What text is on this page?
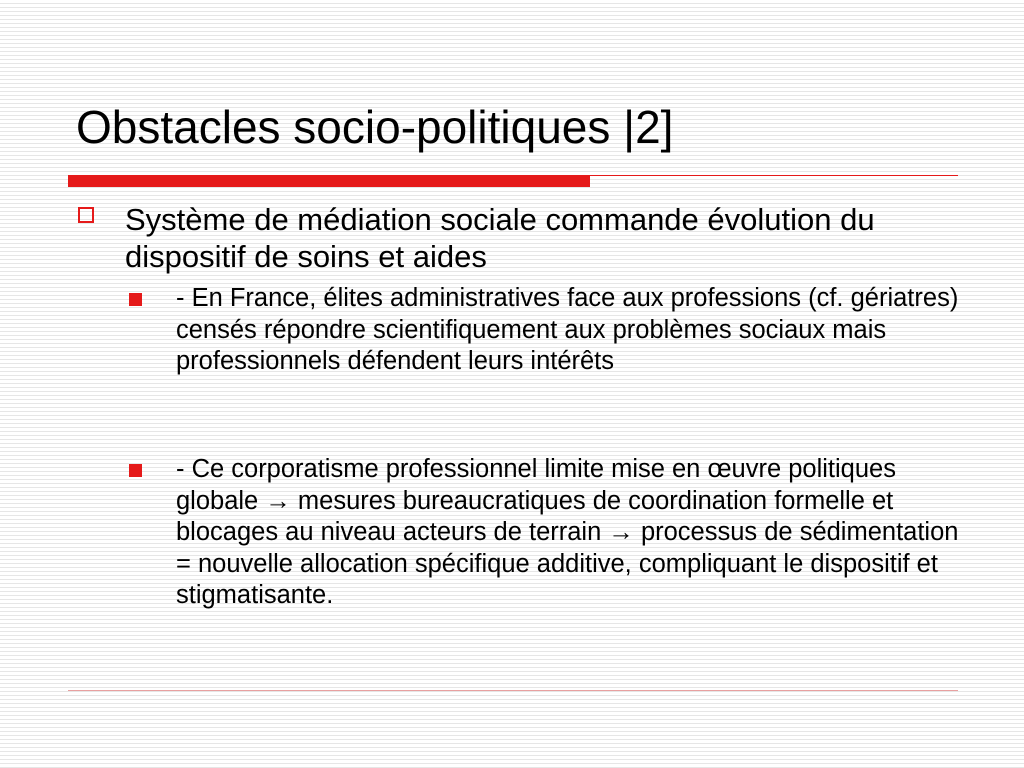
Obstacles socio-politiques |2]
Système de médiation sociale commande évolution du dispositif de soins et aides
- En France, élites administratives face aux professions (cf. gériatres) censés répondre scientifiquement aux problèmes sociaux mais professionnels défendent leurs intérêts
- Ce corporatisme professionnel limite mise en œuvre politiques globale → mesures bureaucratiques de coordination formelle et blocages au niveau acteurs de terrain → processus de sédimentation = nouvelle allocation spécifique additive, compliquant le dispositif et stigmatisante.
